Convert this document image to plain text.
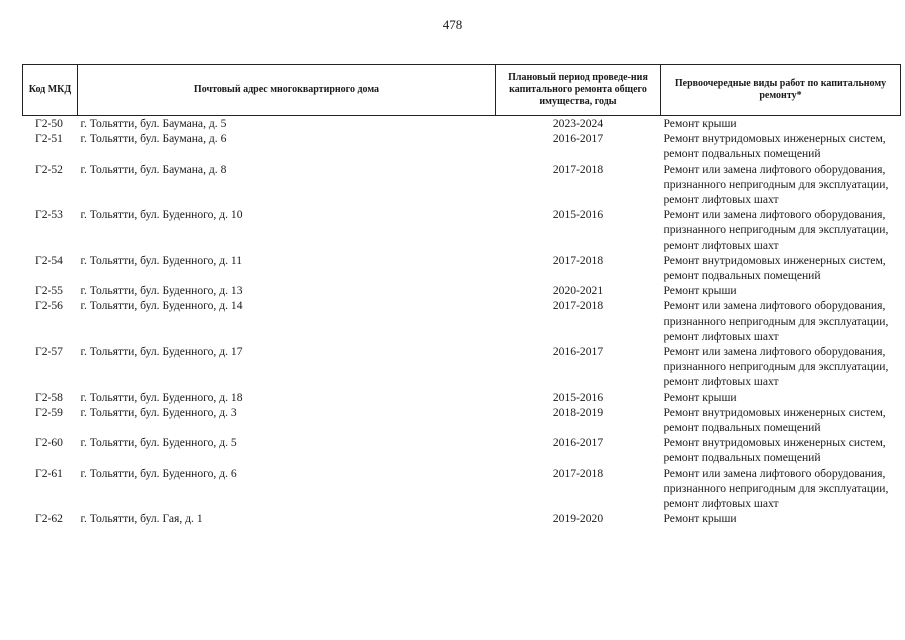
478
Код МКД	Почтовый адрес многоквартирного дома	Плановый период проведе-ния капитального ремонта общего имущества, годы	Первоочередные виды работ по капитальному ремонту*
Г2-50	г. Тольятти, бул. Баумана, д. 5	2023-2024	Ремонт крыши

Г2-51	г. Тольятти, бул. Баумана, д. 6	2016-2017	Ремонт внутридомовых инженерных систем,
ремонт подвальных помещений

Г2-52	г. Тольятти, бул. Баумана, д. 8	2017-2018	Ремонт или замена лифтового оборудования,
признанного непригодным для эксплуатации,
ремонт лифтовых шахт

Г2-53	г. Тольятти, бул. Буденного, д. 10	2015-2016	Ремонт или замена лифтового оборудования,
признанного непригодным для эксплуатации,
ремонт лифтовых шахт

Г2-54	г. Тольятти, бул. Буденного, д. 11	2017-2018	Ремонт внутридомовых инженерных систем,
ремонт подвальных помещений

Г2-55	г. Тольятти, бул. Буденного, д. 13	2020-2021	Ремонт крыши

Г2-56	г. Тольятти, бул. Буденного, д. 14	2017-2018	Ремонт или замена лифтового оборудования,
признанного непригодным для эксплуатации,
ремонт лифтовых шахт

Г2-57	г. Тольятти, бул. Буденного, д. 17	2016-2017	Ремонт или замена лифтового оборудования,
признанного непригодным для эксплуатации,
ремонт лифтовых шахт

Г2-58	г. Тольятти, бул. Буденного, д. 18	2015-2016	Ремонт крыши

Г2-59	г. Тольятти, бул. Буденного, д. 3	2018-2019	Ремонт внутридомовых инженерных систем,
ремонт подвальных помещений

Г2-60	г. Тольятти, бул. Буденного, д. 5	2016-2017	Ремонт внутридомовых инженерных систем,
ремонт подвальных помещений

Г2-61	г. Тольятти, бул. Буденного, д. 6	2017-2018	Ремонт или замена лифтового оборудования,
признанного непригодным для эксплуатации,
ремонт лифтовых шахт

Г2-62	г. Тольятти, бул. Гая, д. 1	2019-2020	Ремонт крыши
